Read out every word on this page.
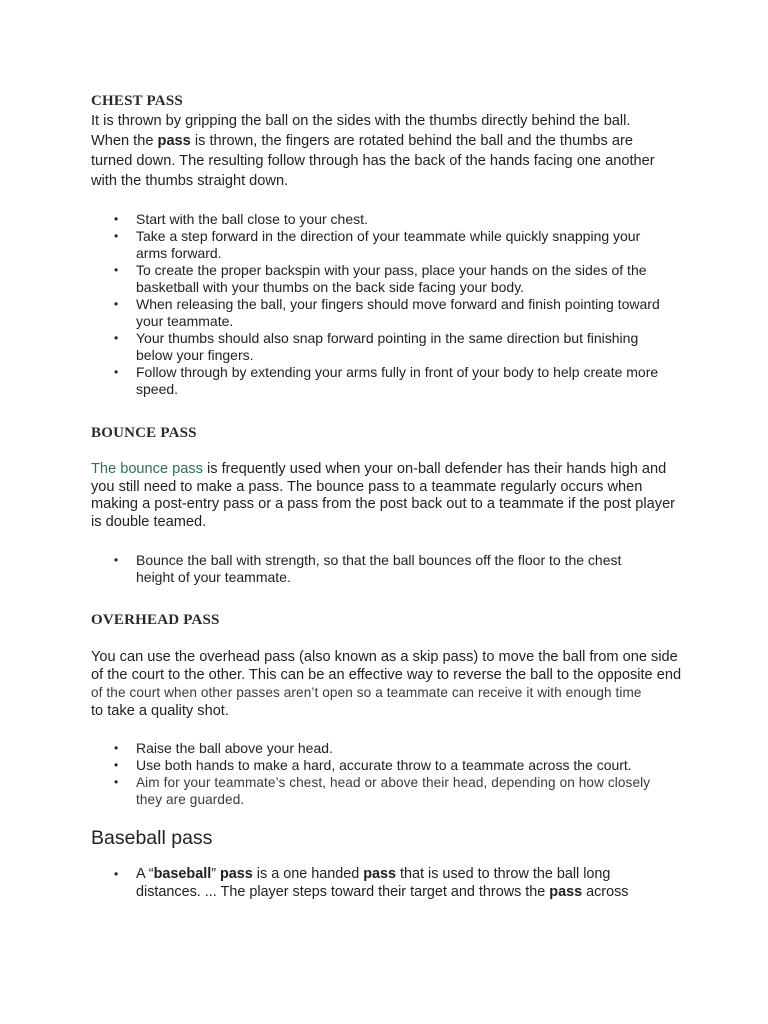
CHEST PASS

It is thrown by gripping the ball on the sides with the thumbs directly behind the ball.
When the pass is thrown, the fingers are rotated behind the ball and the thumbs are
turned down. The resulting follow through has the back of the hands facing one another
with the thumbs straight down.

• Start with the ball close to your chest.
• Take a step forward in the direction of your teammate while quickly snapping your
arms forward.
• To create the proper backspin with your pass, place your hands on the sides of the
basketball with your thumbs on the back side facing your body.
• When releasing the ball, your fingers should move forward and finish pointing toward
your teammate.
• Your thumbs should also snap forward pointing in the same direction but finishing
below your fingers.
• Follow through by extending your arms fully in front of your body to help create more
speed.
BOUNCE PASS

The bounce pass is frequently used when your on-ball defender has their hands high and
you still need to make a pass. The bounce pass to a teammate regularly occurs when
making a post-entry pass or a pass from the post back out to a teammate if the post player
is double teamed.

• Bounce the ball with strength, so that the ball bounces off the floor to the chest
height of your teammate.
OVERHEAD PASS

You can use the overhead pass (also known as a skip pass) to move the ball from one side
of the court to the other. This can be an effective way to reverse the ball to the opposite end
of the court when other passes aren’t open so a teammate can receive it with enough time
to take a quality shot.

• Raise the ball above your head.
• Use both hands to make a hard, accurate throw to a teammate across the court.
• Aim for your teammate’s chest, head or above their head, depending on how closely
they are guarded.
Baseball pass
• A “baseball” pass is a one handed pass that is used to throw the ball long
distances. ... The player steps toward their target and throws the pass across
